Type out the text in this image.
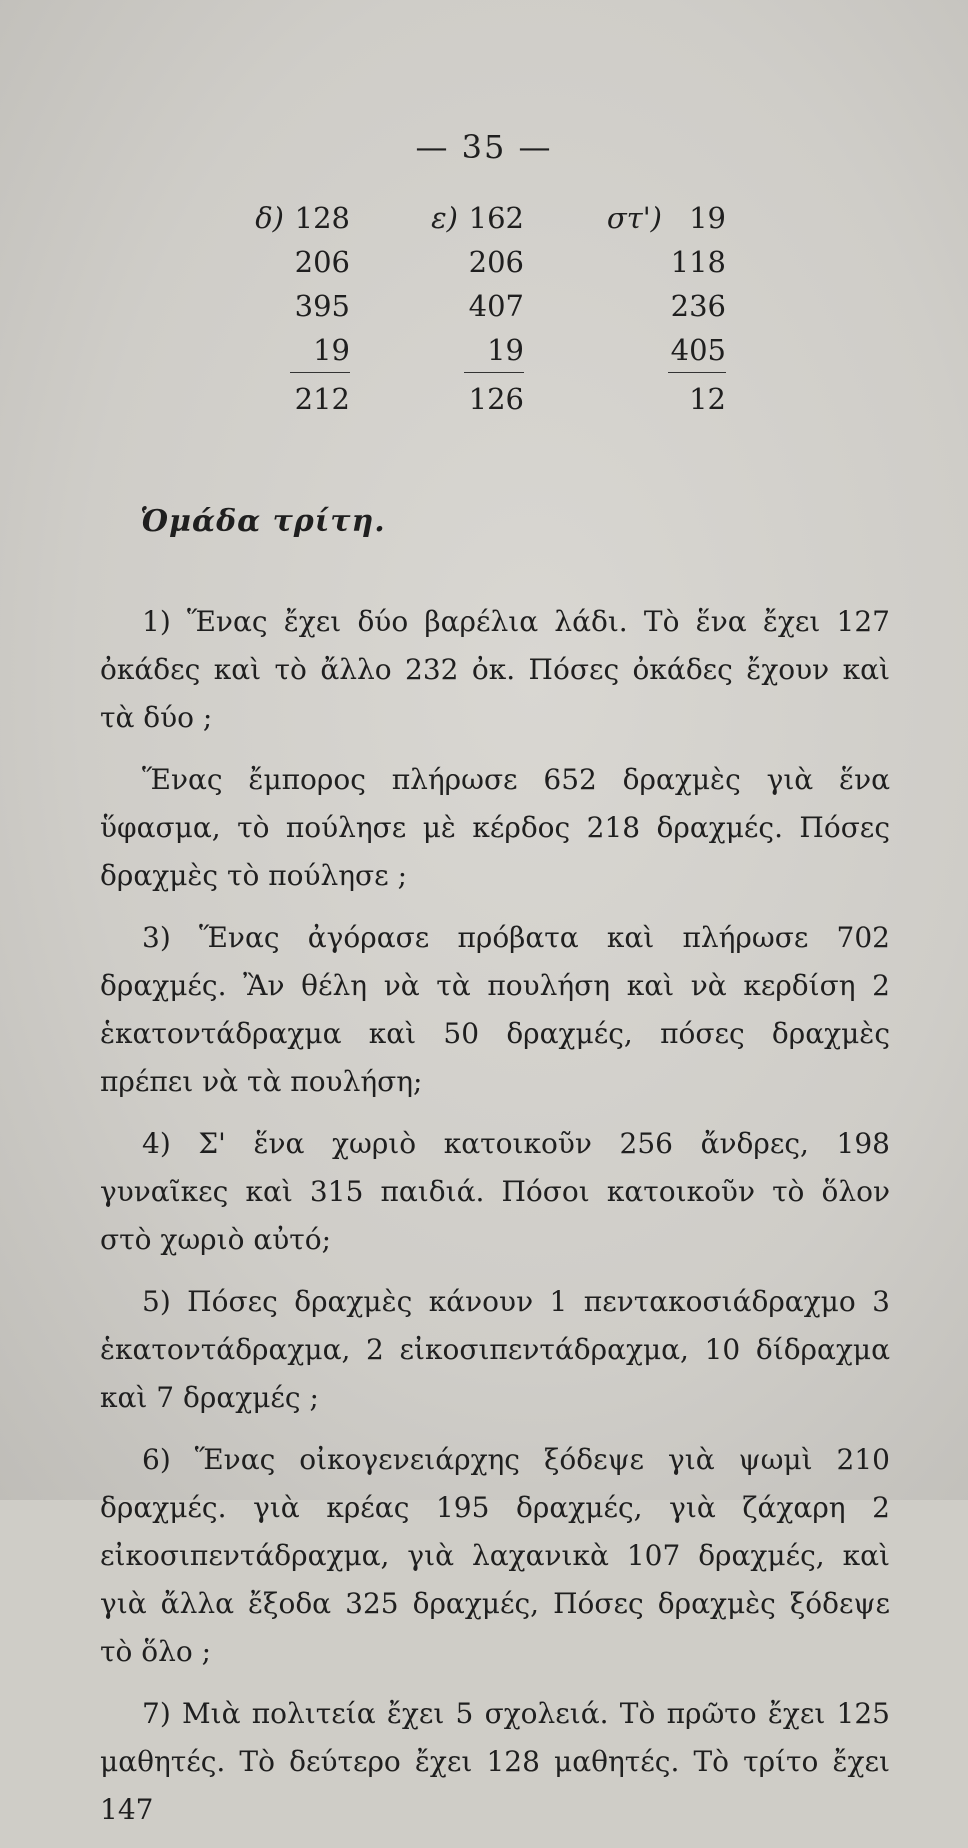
— 35 —
δ) 128
206
395
19
212
ε) 162
206
407
19
126
στ') 19
118
236
405
12
Ὁμάδα τρίτη.

1) Ἕνας ἔχει δύο βαρέλια λάδι. Τὸ ἕνα ἔχει 127 ὀκάδες καὶ τὸ ἄλλο 232 ὀκ. Πόσες ὀκάδες ἔχουν καὶ τὰ δύο ;

Ἕνας ἔμπορος πλήρωσε 652 δραχμὲς γιὰ ἕνα ὕφασμα, τὸ πούλησε μὲ κέρδος 218 δραχμές. Πόσες δραχμὲς τὸ πούλησε ;

3) Ἕνας ἀγόρασε πρόβατα καὶ πλήρωσε 702 δραχμές. Ἂν θέλη νὰ τὰ πουλήση καὶ νὰ κερδίση 2 ἑκατοντάδραχμα καὶ 50 δραχμές, πόσες δραχμὲς πρέπει νὰ τὰ πουλήση;

4) Σ' ἕνα χωριὸ κατοικοῦν 256 ἄνδρες, 198 γυναῖκες καὶ 315 παιδιά. Πόσοι κατοικοῦν τὸ ὅλον στὸ χωριὸ αὐτό;

5) Πόσες δραχμὲς κάνουν 1 πεντακοσιάδραχμο 3 ἑκατοντάδραχμα, 2 εἰκοσιπεντάδραχμα, 10 δίδραχμα καὶ 7 δραχμές ;

6) Ἕνας οἰκογενειάρχης ξόδεψε γιὰ ψωμὶ 210 δραχμές. γιὰ κρέας 195 δραχμές, γιὰ ζάχαρη 2 εἰκοσιπεντάδραχμα, γιὰ λαχανικὰ 107 δραχμές, καὶ γιὰ ἄλλα ἔξοδα 325 δραχμές, Πόσες δραχμὲς ξόδεψε τὸ ὅλο ;

7) Μιὰ πολιτεία ἔχει 5 σχολειά. Τὸ πρῶτο ἔχει 125 μαθητές. Τὸ δεύτερο ἔχει 128 μαθητές. Τὸ τρίτο ἔχει 147
